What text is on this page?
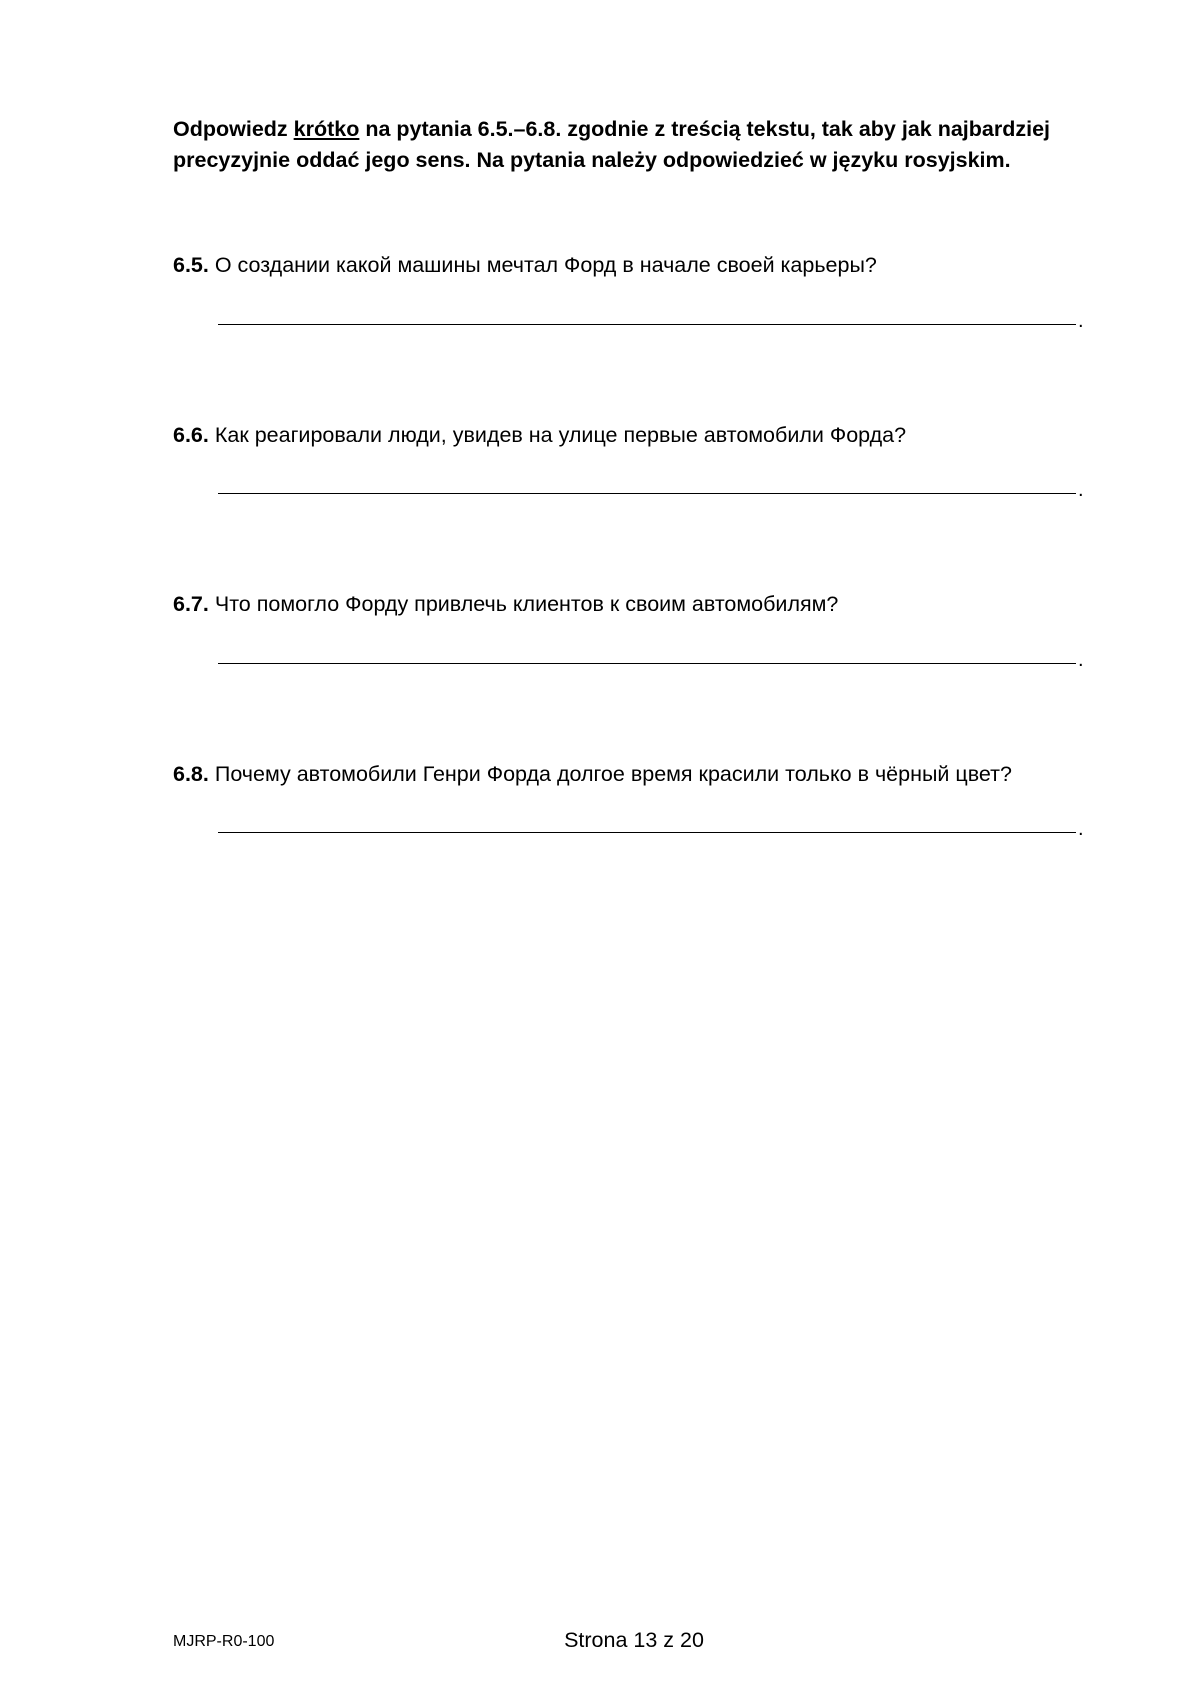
Odpowiedz krótko na pytania 6.5.–6.8. zgodnie z treścią tekstu, tak aby jak najbardziej
precyzyjnie oddać jego sens. Na pytania należy odpowiedzieć w języku rosyjskim.
6.5. О создании какой машины мечтал Форд в начале своей карьеры?
.
6.6. Как реагировали люди, увидев на улице первые автомобили Форда?
.
6.7. Что помогло Форду привлечь клиентов к своим автомобилям?
.
6.8. Почему автомобили Генри Форда долгое время красили только в чёрный цвет?
.
MJRP-R0-100	Strona 13 z 20
